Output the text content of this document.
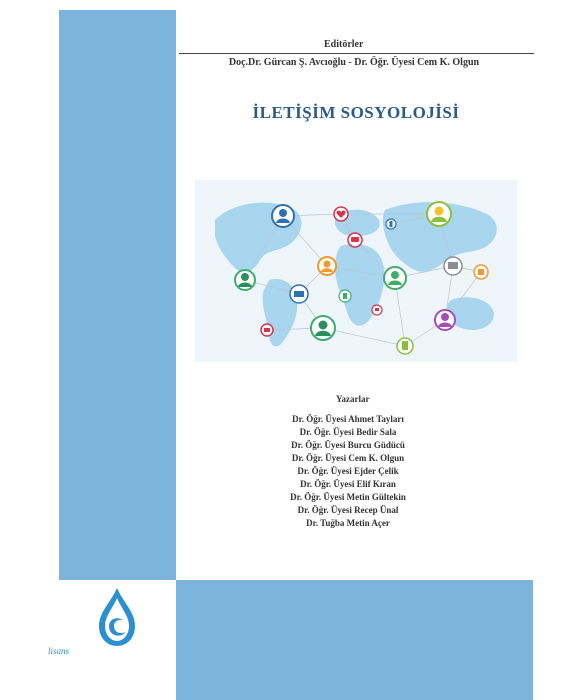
lisans
Editörler
Doç.Dr. Gürcan Ş. Avcıoğlu - Dr. Öğr. Üyesi Cem K. Olgun
İLETİŞİM SOSYOLOJİSİ
Yazarlar
Dr. Öğr. Üyesi Ahmet Tayları
Dr. Öğr. Üyesi Bedir Sala
Dr. Öğr. Üyesi Burcu Güdücü
Dr. Öğr. Üyesi Cem K. Olgun
Dr. Öğr. Üyesi Ejder Çelik
Dr. Öğr. Üyesi Elif Kıran
Dr. Öğr. Üyesi Metin Gültekin
Dr. Öğr. Üyesi Recep Ünal
Dr. Tuğba Metin Açer
